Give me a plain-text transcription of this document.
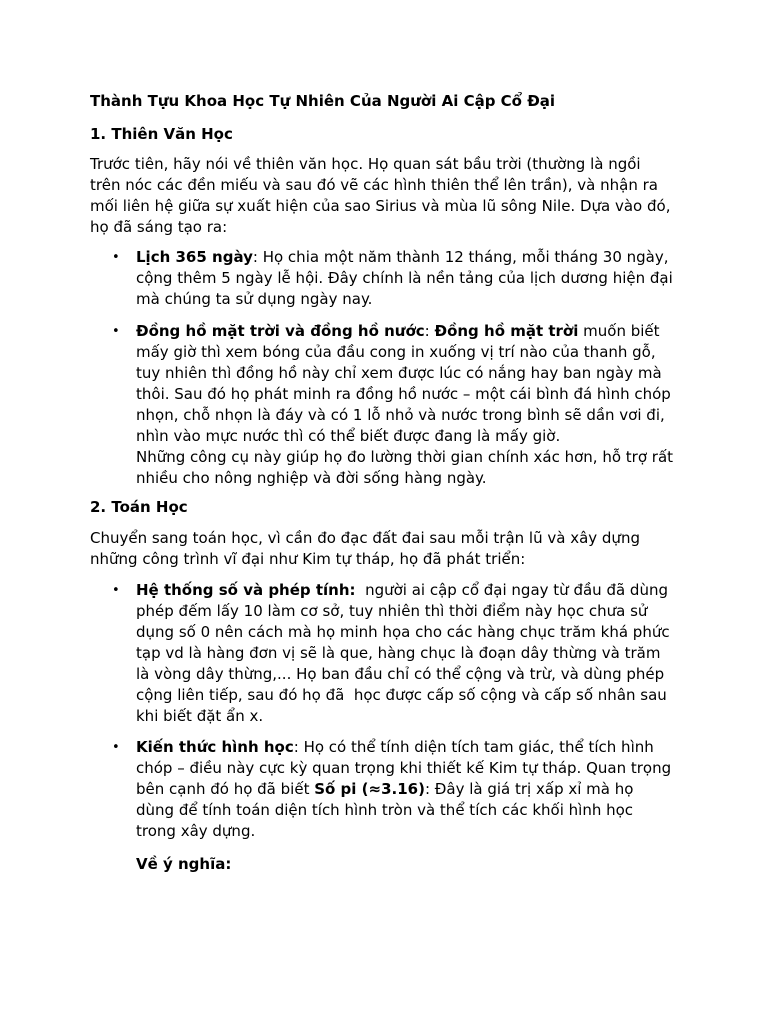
Thành Tựu Khoa Học Tự Nhiên Của Người Ai Cập Cổ Đại
1. Thiên Văn Học
Trước tiên, hãy nói về thiên văn học. Họ quan sát bầu trời (thường là ngồi
trên nóc các đền miếu và sau đó vẽ các hình thiên thể lên trần), và nhận ra
mối liên hệ giữa sự xuất hiện của sao Sirius và mùa lũ sông Nile. Dựa vào đó,
họ đã sáng tạo ra:
• Lịch 365 ngày: Họ chia một năm thành 12 tháng, mỗi tháng 30 ngày,
cộng thêm 5 ngày lễ hội. Đây chính là nền tảng của lịch dương hiện đại
mà chúng ta sử dụng ngày nay.
• Đồng hồ mặt trời và đồng hồ nước: Đồng hồ mặt trời muốn biết
mấy giờ thì xem bóng của đầu cong in xuống vị trí nào của thanh gỗ,
tuy nhiên thì đồng hồ này chỉ xem được lúc có nắng hay ban ngày mà
thôi. Sau đó họ phát minh ra đồng hồ nước – một cái bình đá hình chóp
nhọn, chỗ nhọn là đáy và có 1 lỗ nhỏ và nước trong bình sẽ dần vơi đi,
nhìn vào mực nước thì có thể biết được đang là mấy giờ.
Những công cụ này giúp họ đo lường thời gian chính xác hơn, hỗ trợ rất
nhiều cho nông nghiệp và đời sống hàng ngày.
2. Toán Học
Chuyển sang toán học, vì cần đo đạc đất đai sau mỗi trận lũ và xây dựng
những công trình vĩ đại như Kim tự tháp, họ đã phát triển:
• Hệ thống số và phép tính:  người ai cập cổ đại ngay từ đầu đã dùng
phép đếm lấy 10 làm cơ sở, tuy nhiên thì thời điểm này học chưa sử
dụng số 0 nên cách mà họ minh họa cho các hàng chục trăm khá phức
tạp vd là hàng đơn vị sẽ là que, hàng chục là đoạn dây thừng và trăm
là vòng dây thừng,... Họ ban đầu chỉ có thể cộng và trừ, và dùng phép
cộng liên tiếp, sau đó họ đã  học được cấp số cộng và cấp số nhân sau
khi biết đặt ẩn x.
• Kiến thức hình học: Họ có thể tính diện tích tam giác, thể tích hình
chóp – điều này cực kỳ quan trọng khi thiết kế Kim tự tháp. Quan trọng
bên cạnh đó họ đã biết Số pi (≈3.16): Đây là giá trị xấp xỉ mà họ
dùng để tính toán diện tích hình tròn và thể tích các khối hình học
trong xây dựng.
Về ý nghĩa:
